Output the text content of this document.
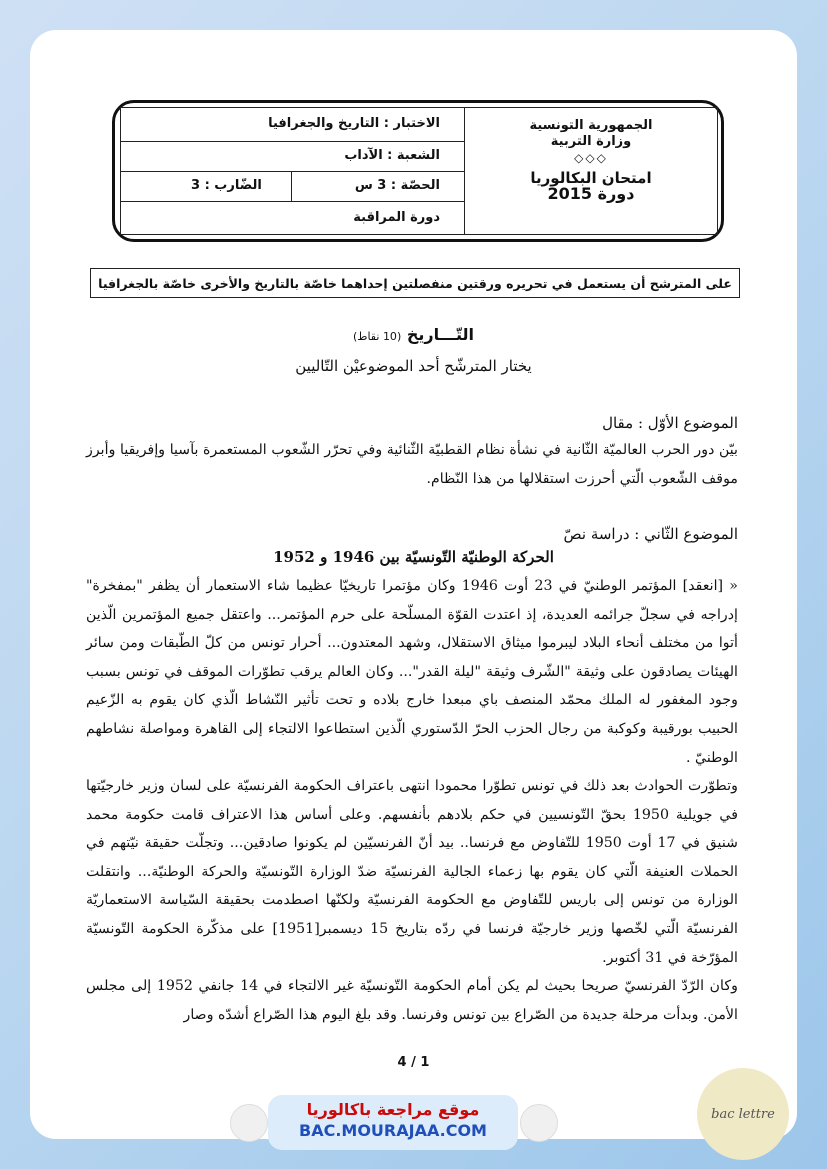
الجمهورية التونسية
وزارة التربية
◇◇◇
امتحان البكالوريا
دورة 2015
الاختبار : التاريخ والجغرافيا
الشعبة : الآداب
الحصّة : 3 س
الضّارب : 3
دورة المراقبة
على المترشح أن يستعمل في تحريره ورقتين منفصلتين إحداهما خاصّة بالتاريخ والأخرى خاصّة بالجغرافيا
التّـــاريخ (10 نقاط)
يختار المترشّح أحد الموضوعيْن التّاليين
الموضوع الأوّل : مقال
بيّن دور الحرب العالميّة الثّانية في نشأة نظام القطبيّة الثّنائية وفي تحرّر الشّعوب المستعمرة بآسيا وإفريقيا وأبرز موقف الشّعوب الّتي أحرزت استقلالها من هذا النّظام.
الموضوع الثّاني : دراسة نصّ
الحركة الوطنيّة التّونسيّة بين 1946 و 1952
« [انعقد] المؤتمر الوطنيّ في 23 أوت 1946 وكان مؤتمرا تاريخيّا عظيما شاء الاستعمار أن يظفر "بمفخرة" إدراجه في سجلّ جرائمه العديدة، إذ اعتدت القوّة المسلّحة على حرم المؤتمر... واعتقل جميع المؤتمرين الّذين أتوا من مختلف أنحاء البلاد ليبرموا ميثاق الاستقلال، وشهد المعتدون... أحرار تونس من كلّ الطّبقات ومن سائر الهيئات يصادقون على وثيقة "الشّرف وثيقة "ليلة القدر"... وكان العالم يرقب تطوّرات الموقف في تونس بسبب وجود المغفور له الملك محمّد المنصف باي مبعدا خارج بلاده و تحت تأثير النّشاط الّذي كان يقوم به الزّعيم الحبيب بورقيبة وكوكبة من رجال الحزب الحرّ الدّستوري الّذين استطاعوا الالتجاء إلى القاهرة ومواصلة نشاطهم الوطنيّ .
وتطوّرت الحوادث بعد ذلك في تونس تطوّرا محمودا انتهى باعتراف الحكومة الفرنسيّة على لسان وزير خارجيّتها في جويلية 1950 بحقّ التّونسيين في حكم بلادهم بأنفسهم. وعلى أساس هذا الاعتراف قامت حكومة محمد شنيق في 17 أوت 1950 للتّفاوض مع فرنسا.. بيد أنّ الفرنسيّين لم يكونوا صادقين... وتجلّت حقيقة نيّتهم في الحملات العنيفة الّتي كان يقوم بها زعماء الجالية الفرنسيّة ضدّ الوزارة التّونسيّة والحركة الوطنيّة... وانتقلت الوزارة من تونس إلى باريس للتّفاوض مع الحكومة الفرنسيّة ولكنّها اصطدمت بحقيقة السّياسة الاستعماريّة الفرنسيّة الّتي لخّصها وزير خارجيّة فرنسا في ردّه بتاريخ 15 ديسمبر[1951] على مذكّرة الحكومة التّونسيّة المؤرّخة في 31 أكتوبر.
وكان الرّدّ الفرنسيّ صريحا بحيث لم يكن أمام الحكومة التّونسيّة غير الالتجاء في 14 جانفي 1952 إلى مجلس الأمن. وبدأت مرحلة جديدة من الصّراع بين تونس وفرنسا. وقد بلغ اليوم هذا الصّراع أشدّه وصار
4 / 1
موقع مراجعة باكالوريا
BAC.MOURAJAA.COM
bac lettre
